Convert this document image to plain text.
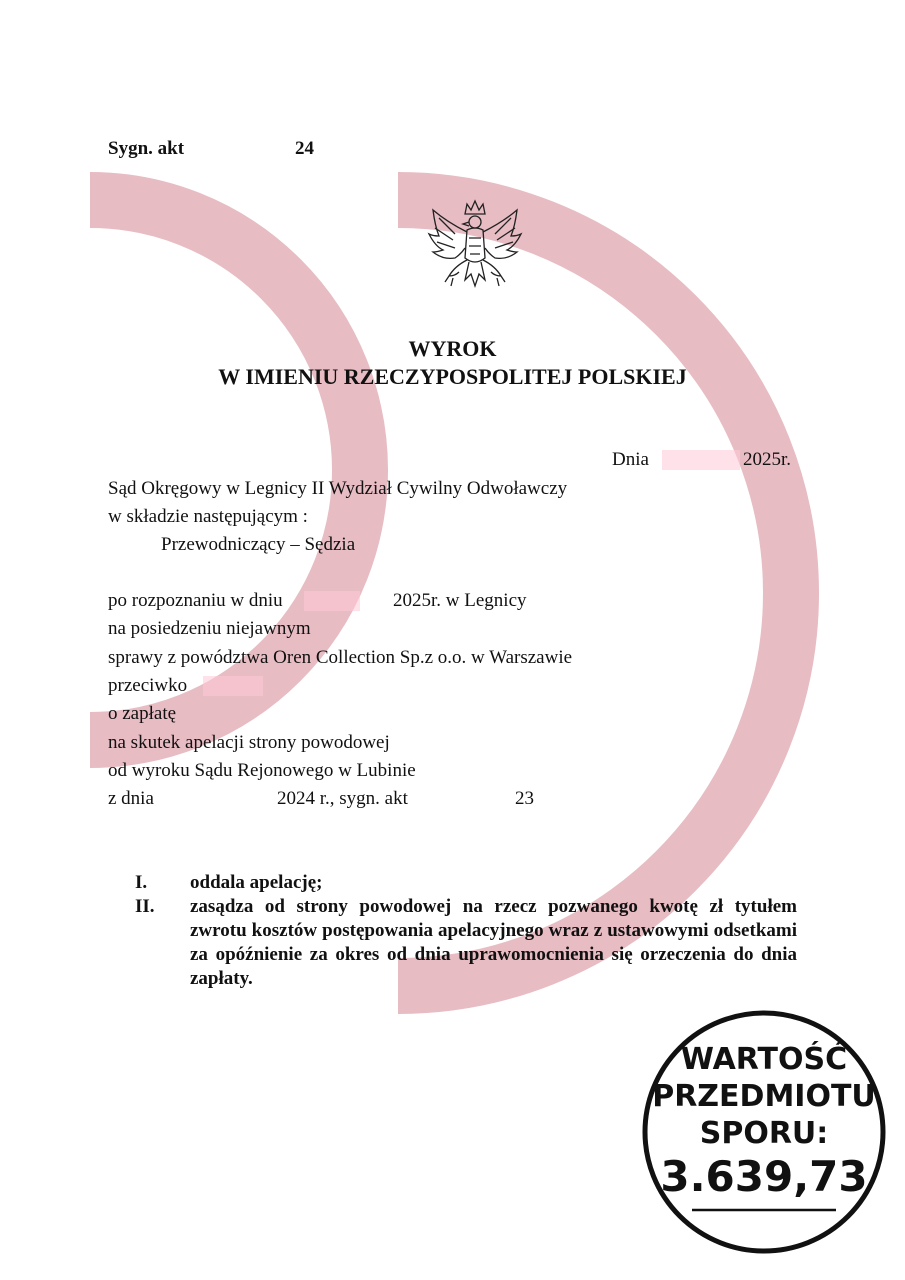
Sygn. akt	24
WYROK
W IMIENIU RZECZYPOSPOLITEJ POLSKIEJ
Dnia	2025r.
Sąd Okręgowy w Legnicy II Wydział Cywilny Odwoławczy
w składzie następującym :
Przewodniczący – Sędzia
po rozpoznaniu w dniu	2025r. w Legnicy
na posiedzeniu niejawnym
sprawy z powództwa Oren Collection Sp.z o.o. w Warszawie
przeciwko
o zapłatę
na skutek apelacji strony powodowej
od wyroku Sądu Rejonowego w Lubinie
z dnia	2024 r., sygn. akt	23
I. oddala apelację;
II. zasądza od strony powodowej na rzecz pozwanego kwotę zł tytułem zwrotu kosztów postępowania apelacyjnego wraz z ustawowymi odsetkami za opóźnienie za okres od dnia uprawomocnienia się orzeczenia do dnia zapłaty.
WARTOŚĆ
PRZEDMIOTU
SPORU:
3.639,73
